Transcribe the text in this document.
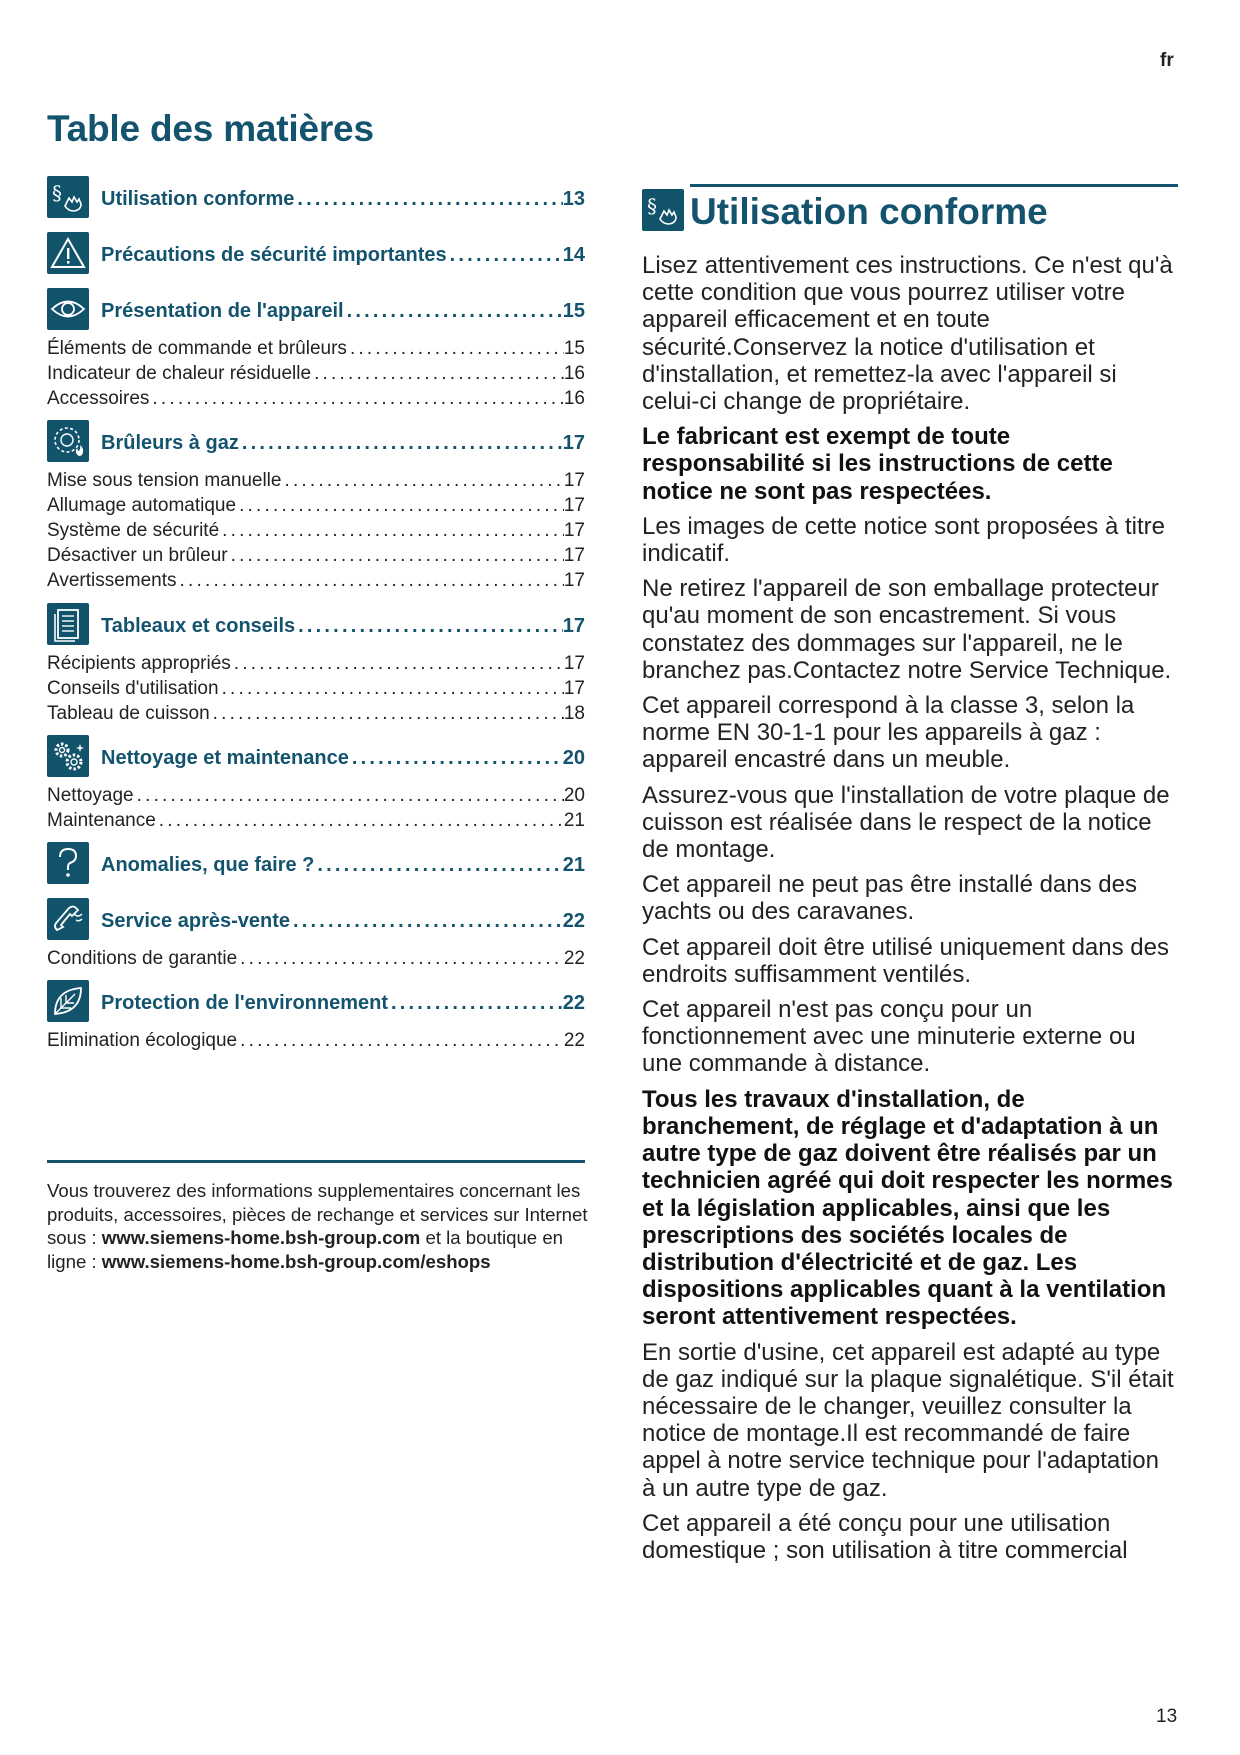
fr
Table des matières
§ Utilisation conforme .....	13
Précautions de sécurité importantes .....	14
Présentation de l'appareil .....	15
Éléments de commande et brûleurs .....	15
Indicateur de chaleur résiduelle .....	16
Accessoires .....	16
Brûleurs à gaz .....	17
Mise sous tension manuelle .....	17
Allumage automatique .....	17
Système de sécurité .....	17
Désactiver un brûleur .....	17
Avertissements .....	17
Tableaux et conseils .....	17
Récipients appropriés .....	17
Conseils d'utilisation .....	17
Tableau de cuisson .....	18
Nettoyage et maintenance .....	20
Nettoyage .....	20
Maintenance .....	21
Anomalies, que faire ? .....	21
Service après-vente .....	22
Conditions de garantie .....	22
Protection de l'environnement .....	22
Elimination écologique .....	22

Vous trouverez des informations supplementaires concernant les produits, accessoires, pièces de rechange et services sur Internet sous : www.siemens-home.bsh-group.com et la boutique en ligne : www.siemens-home.bsh-group.com/eshops

§ Utilisation conforme

Lisez attentivement ces instructions. Ce n'est qu'à cette condition que vous pourrez utiliser votre appareil efficacement et en toute sécurité.Conservez la notice d'utilisation et d'installation, et remettez-la avec l'appareil si celui-ci change de propriétaire.

Le fabricant est exempt de toute responsabilité si les instructions de cette notice ne sont pas respectées.

Les images de cette notice sont proposées à titre indicatif.

Ne retirez l'appareil de son emballage protecteur qu'au moment de son encastrement. Si vous constatez des dommages sur l'appareil, ne le branchez pas.Contactez notre Service Technique.

Cet appareil correspond à la classe 3, selon la norme EN 30-1-1 pour les appareils à gaz : appareil encastré dans un meuble.

Assurez-vous que l'installation de votre plaque de cuisson est réalisée dans le respect de la notice de montage.

Cet appareil ne peut pas être installé dans des yachts ou des caravanes.

Cet appareil doit être utilisé uniquement dans des endroits suffisamment ventilés.

Cet appareil n'est pas conçu pour un fonctionnement avec une minuterie externe ou une commande à distance.

Tous les travaux d'installation, de branchement, de réglage et d'adaptation à un autre type de gaz doivent être réalisés par un technicien agréé qui doit respecter les normes et la législation applicables, ainsi que les prescriptions des sociétés locales de distribution d'électricité et de gaz. Les dispositions applicables quant à la ventilation seront attentivement respectées.

En sortie d'usine, cet appareil est adapté au type de gaz indiqué sur la plaque signalétique. S'il était nécessaire de le changer, veuillez consulter la notice de montage.Il est recommandé de faire appel à notre service technique pour l'adaptation à un autre type de gaz.

Cet appareil a été conçu pour une utilisation domestique ; son utilisation à titre commercial

13
